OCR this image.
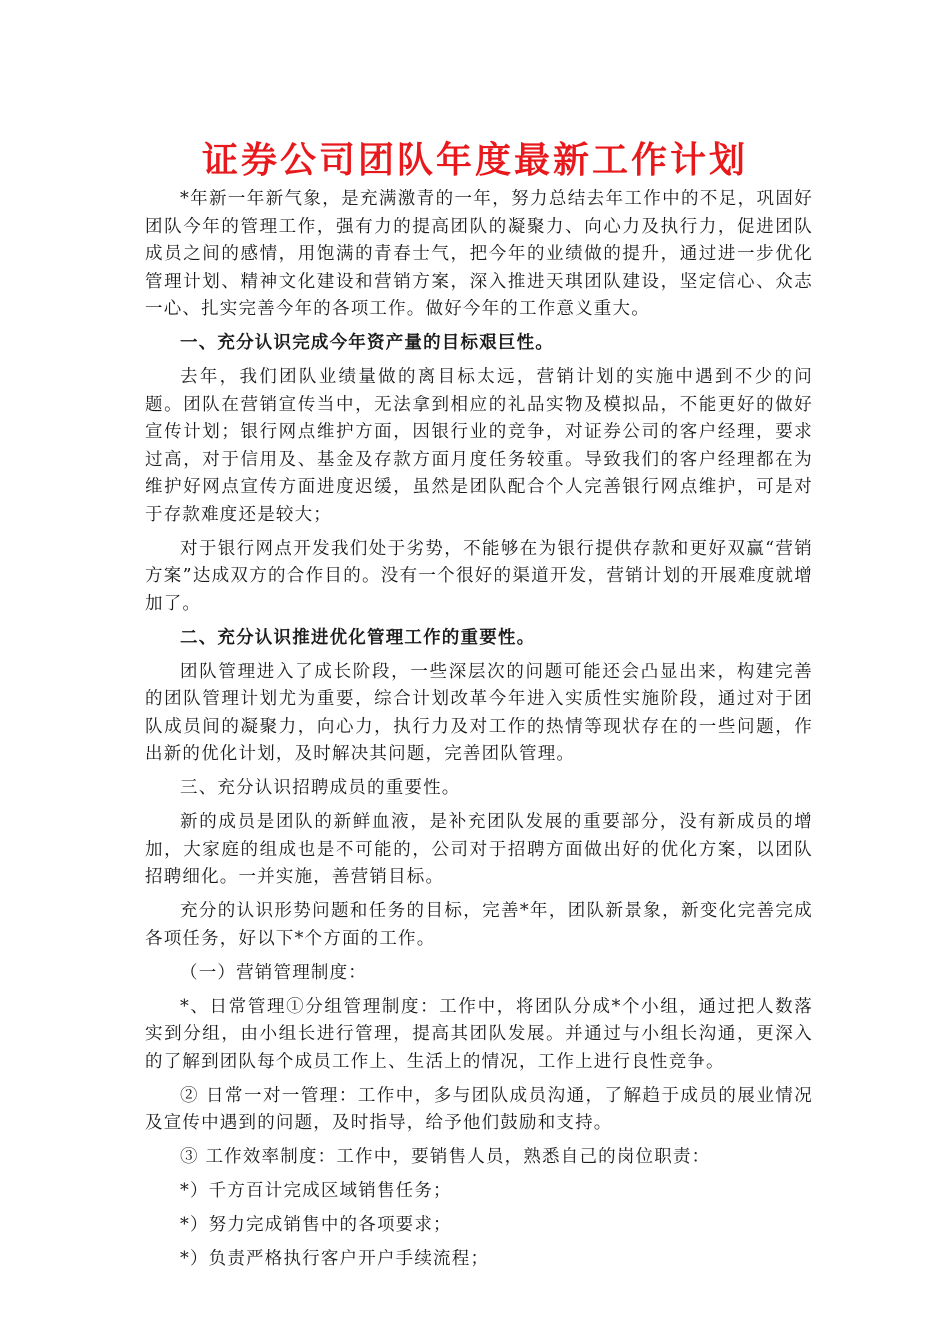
证券公司团队年度最新工作计划

*年新一年新气象，是充满激青的一年，努力总结去年工作中的不足，巩固好团队今年的管理工作，强有力的提高团队的凝聚力、向心力及执行力，促进团队成员之间的感情，用饱满的青春士气，把今年的业绩做的提升，通过进一步优化管理计划、精神文化建设和营销方案，深入推进天琪团队建设，坚定信心、众志一心、扎实完善今年的各项工作。做好今年的工作意义重大。

一、充分认识完成今年资产量的目标艰巨性。

去年，我们团队业绩量做的离目标太远，营销计划的实施中遇到不少的问题。团队在营销宣传当中，无法拿到相应的礼品实物及模拟品，不能更好的做好宣传计划；银行网点维护方面，因银行业的竞争，对证券公司的客户经理，要求过高，对于信用及、基金及存款方面月度任务较重。导致我们的客户经理都在为维护好网点宣传方面进度迟缓，虽然是团队配合个人完善银行网点维护，可是对于存款难度还是较大；

对于银行网点开发我们处于劣势，不能够在为银行提供存款和更好双赢“营销方案”达成双方的合作目的。没有一个很好的渠道开发，营销计划的开展难度就增加了。

二、充分认识推进优化管理工作的重要性。

团队管理进入了成长阶段，一些深层次的问题可能还会凸显出来，构建完善的团队管理计划尤为重要，综合计划改革今年进入实质性实施阶段，通过对于团队成员间的凝聚力，向心力，执行力及对工作的热情等现状存在的一些问题，作出新的优化计划，及时解决其问题，完善团队管理。

三、充分认识招聘成员的重要性。

新的成员是团队的新鲜血液，是补充团队发展的重要部分，没有新成员的增加，大家庭的组成也是不可能的，公司对于招聘方面做出好的优化方案，以团队招聘细化。一并实施，善营销目标。

充分的认识形势问题和任务的目标，完善*年，团队新景象，新变化完善完成各项任务，好以下*个方面的工作。

（一）营销管理制度：

*、日常管理①分组管理制度：工作中，将团队分成*个小组，通过把人数落实到分组，由小组长进行管理，提高其团队发展。并通过与小组长沟通，更深入的了解到团队每个成员工作上、生活上的情况，工作上进行良性竞争。

② 日常一对一管理：工作中，多与团队成员沟通，了解趋于成员的展业情况及宣传中遇到的问题，及时指导，给予他们鼓励和支持。

③ 工作效率制度：工作中，要销售人员，熟悉自己的岗位职责：

*）千方百计完成区域销售任务；

*）努力完成销售中的各项要求；

*）负责严格执行客户开户手续流程；
